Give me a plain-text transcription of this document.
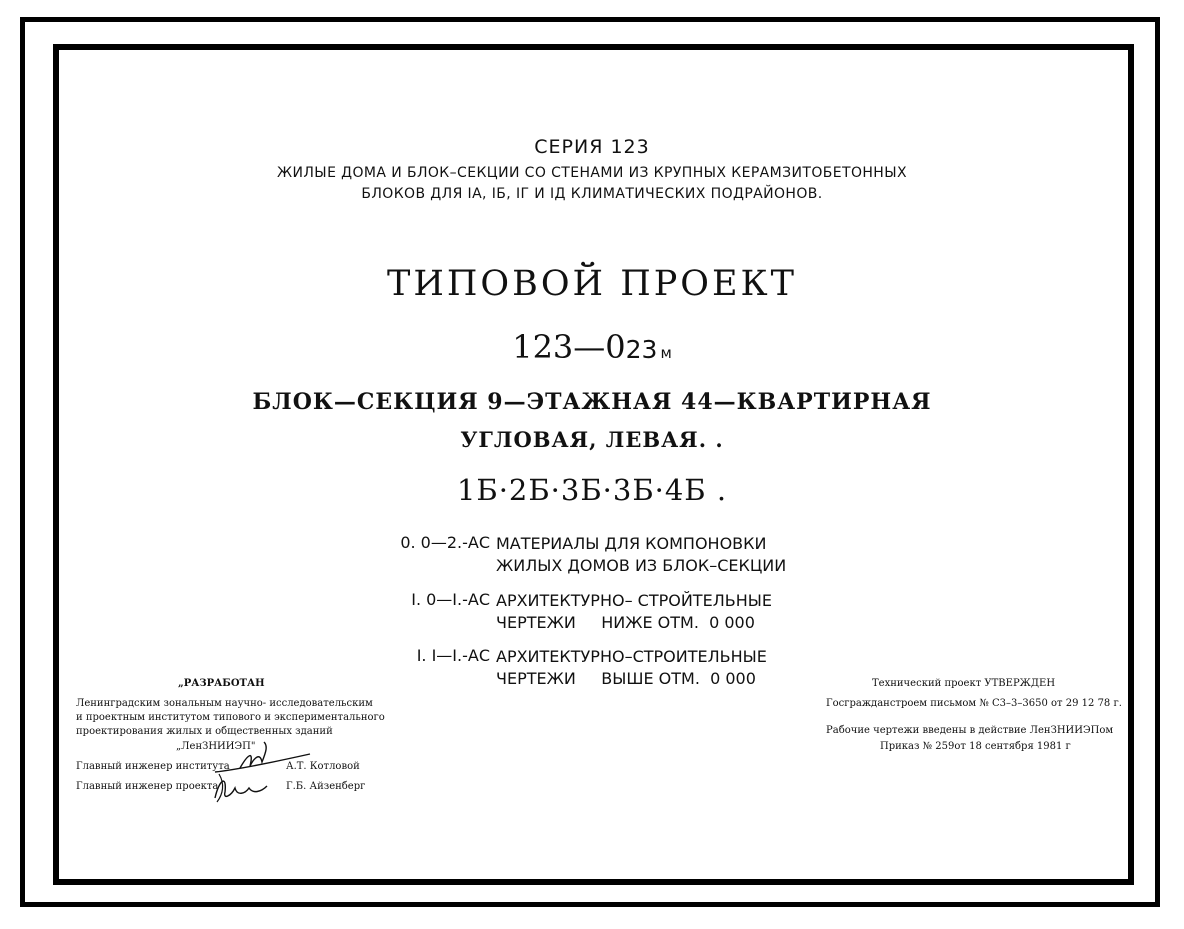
СЕРИЯ 123
ЖИЛЫЕ ДОМА И БЛОК–СЕКЦИИ СО СТЕНАМИ ИЗ КРУПНЫХ КЕРАМЗИТОБЕТОННЫХ
БЛОКОВ ДЛЯ IА, IБ, IГ И IД КЛИМАТИЧЕСКИХ ПОДРАЙОНОВ.
ТИПОВОЙ ПРОЕКТ
123—023 м
БЛОК—СЕКЦИЯ 9—ЭТАЖНАЯ 44—КВАРТИРНАЯ
УГЛОВАЯ, ЛЕВАЯ. .
1Б·2Б·3Б·3Б·4Б .
0. 0—2.-АС МАТЕРИАЛЫ ДЛЯ КОМПОНОВКИ
ЖИЛЫХ ДОМОВ ИЗ БЛОК–СЕКЦИИ
I. 0—I.-АС АРХИТЕКТУРНО– СТРОЙТЕЛЬНЫЕ
ЧЕРТЕЖИ     НИЖЕ ОТМ.  0 000
I. I—I.-АС АРХИТЕКТУРНО–СТРОИТЕЛЬНЫЕ
ЧЕРТЕЖИ     ВЫШЕ ОТМ.  0 000
„РАЗРАБОТАН
Ленинградским зональным научно- исследовательским
и проектным институтом типового и экспериментального
проектирования жилых и общественных зданий
„ЛенЗНИИЭП"
Главный инженер института	А.Т. Котловой
Главный инженер проекта	Г.Б. Айзенберг
Технический проект УТВЕРЖДЕН
Госгражданстроем письмом № С3–3–3650 от 29 12 78 г.
Рабочие чертежи введены в действие ЛенЗНИИЭПом
Приказ № 259от 18 сентября 1981 г
